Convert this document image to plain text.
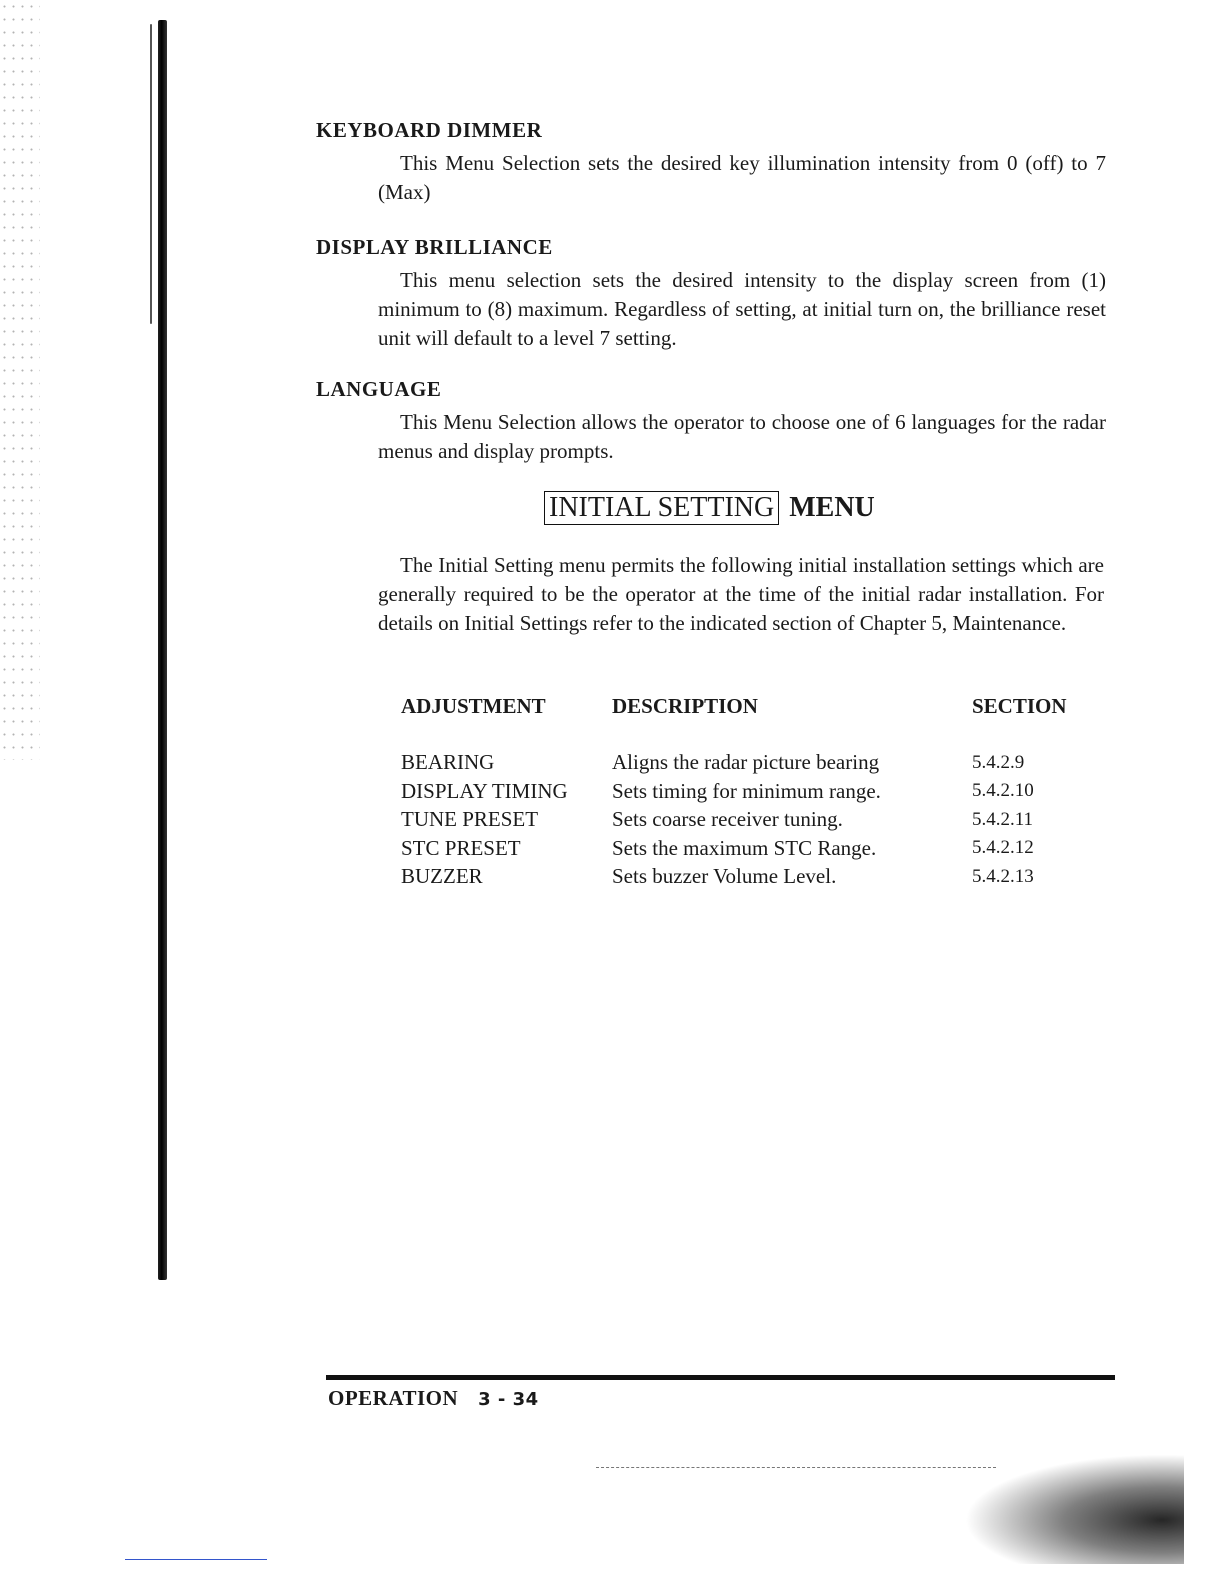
KEYBOARD DIMMER

This Menu Selection sets the desired key illumination intensity from 0 (off) to 7 (Max)

DISPLAY BRILLIANCE

This menu selection sets the desired intensity to the display screen from (1) minimum to (8) maximum. Regardless of setting, at initial turn on, the brilliance reset unit will default to a level 7 setting.

LANGUAGE

This Menu Selection allows the operator to choose one of 6 languages for the radar menus and display prompts.

INITIAL SETTING MENU

The Initial Setting menu permits the following initial installation settings which are generally required to be the operator at the time of the initial radar installation. For details on Initial Settings refer to the indicated section of Chapter 5, Maintenance.

ADJUSTMENT	DESCRIPTION	SECTION
BEARING	Aligns the radar picture bearing	5.4.2.9
DISPLAY TIMING	Sets timing for minimum range.	5.4.2.10
TUNE PRESET	Sets coarse receiver tuning.	5.4.2.11
STC PRESET	Sets the maximum STC Range.	5.4.2.12
BUZZER	Sets buzzer Volume Level.	5.4.2.13
OPERATION 3 - 34
